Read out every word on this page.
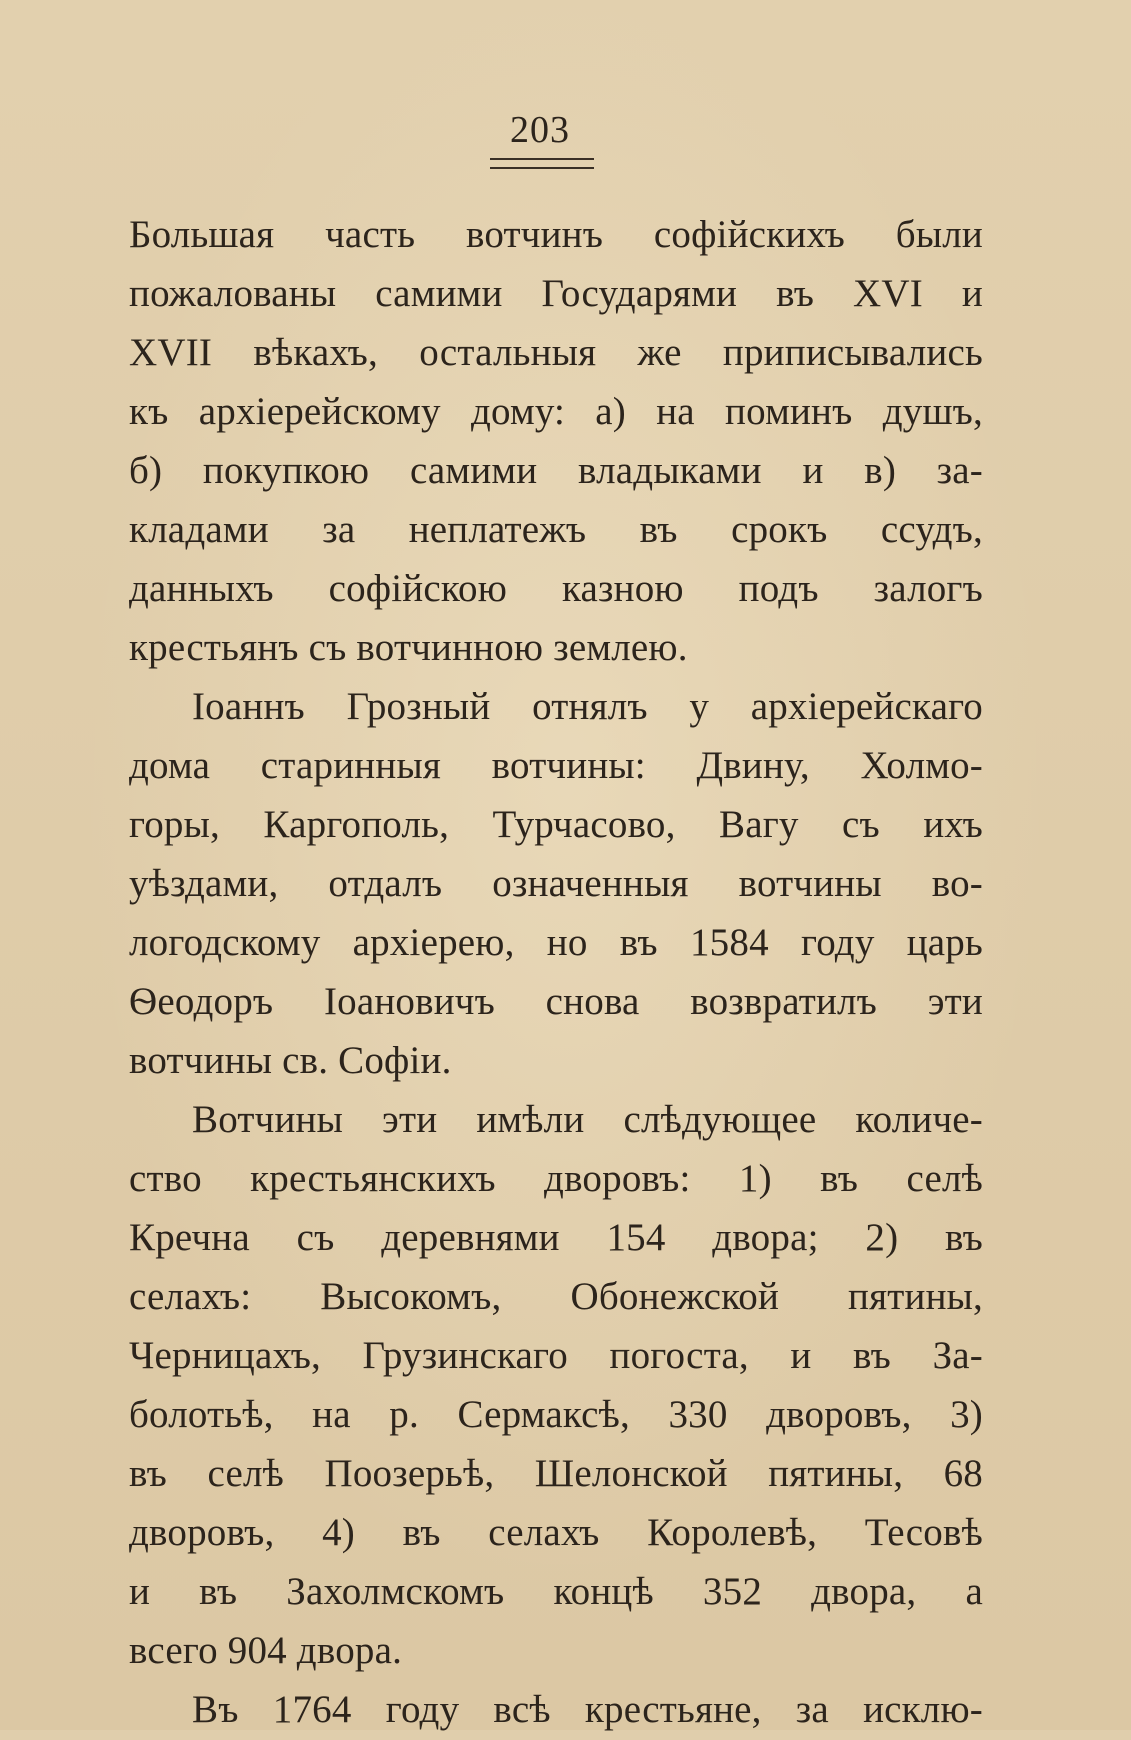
203
Большая часть вотчинъ софійскихъ были
пожалованы самими Государями въ XVI и
XVII вѣкахъ, остальныя же приписывались
къ архіерейскому дому: а) на поминъ душъ,
б) покупкою самими владыками и в) за-
кладами за неплатежъ въ срокъ ссудъ,
данныхъ софійскою казною подъ залогъ
крестьянъ съ вотчинною землею.
Іоаннъ Грозный отнялъ у архіерейскаго
дома старинныя вотчины: Двину, Холмо-
горы, Каргополь, Турчасово, Вагу съ ихъ
уѣздами, отдалъ означенныя вотчины во-
логодскому архіерею, но въ 1584 году царь
Ѳеодоръ Іоановичъ снова возвратилъ эти
вотчины св. Софіи.
Вотчины эти имѣли слѣдующее количе-
ство крестьянскихъ дворовъ: 1) въ селѣ
Кречна съ деревнями 154 двора; 2) въ
селахъ: Высокомъ, Обонежской пятины,
Черницахъ, Грузинскаго погоста, и въ За-
болотьѣ, на р. Сермаксѣ, 330 дворовъ, 3)
въ селѣ Поозерьѣ, Шелонской пятины, 68
дворовъ, 4) въ селахъ Королевѣ, Тесовѣ
и въ Захолмскомъ концѣ 352 двора, а
всего 904 двора.
Въ 1764 году всѣ крестьяне, за исклю-
